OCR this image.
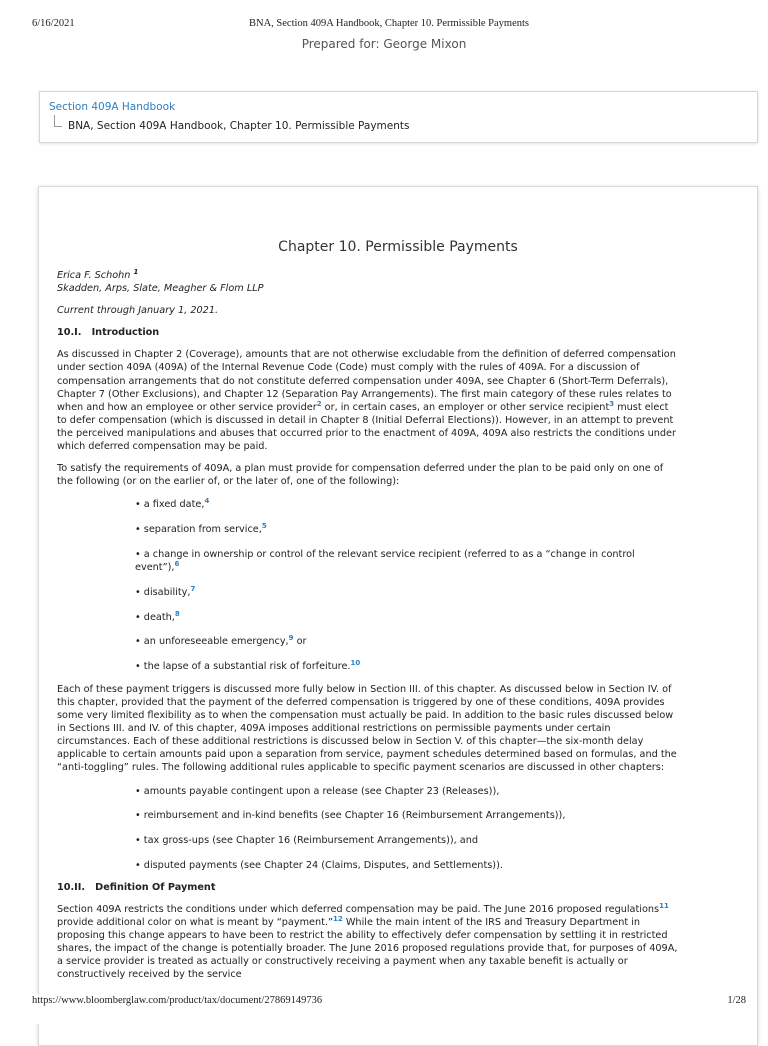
6/16/2021	BNA, Section 409A Handbook, Chapter 10. Permissible Payments
Prepared for: George Mixon
Section 409A Handbook
BNA, Section 409A Handbook, Chapter 10. Permissible Payments
Chapter 10. Permissible Payments

Erica F. Schohn $^1$

Skadden, Arps, Slate, Meagher & Flom LLP

Current through January 1, 2021.

10.I.   Introduction

As discussed in Chapter 2 (Coverage), amounts that are not otherwise excludable from the definition of deferred compensation under section 409A (409A) of the Internal Revenue Code (Code) must comply with the rules of 409A. For a discussion of compensation arrangements that do not constitute deferred compensation under 409A, see Chapter 6 (Short-Term Deferrals), Chapter 7 (Other Exclusions), and Chapter 12 (Separation Pay Arrangements). The first main category of these rules relates to when and how an employee or other service provider$^2$ or, in certain cases, an employer or other service recipient$^3$ must elect to defer compensation (which is discussed in detail in Chapter 8 (Initial Deferral Elections)). However, in an attempt to prevent the perceived manipulations and abuses that occurred prior to the enactment of 409A, 409A also restricts the conditions under which deferred compensation may be paid.

To satisfy the requirements of 409A, a plan must provide for compensation deferred under the plan to be paid only on one of the following (or on the earlier of, or the later of, one of the following):

• a fixed date,$^4$
• separation from service,$^5$
• a change in ownership or control of the relevant service recipient (referred to as a “change in control event”),$^6$
• disability,$^7$
• death,$^8$
• an unforeseeable emergency,$^9$ or
• the lapse of a substantial risk of forfeiture.$^{10}$

Each of these payment triggers is discussed more fully below in Section III. of this chapter. As discussed below in Section IV. of this chapter, provided that the payment of the deferred compensation is triggered by one of these conditions, 409A provides some very limited flexibility as to when the compensation must actually be paid. In addition to the basic rules discussed below in Sections III. and IV. of this chapter, 409A imposes additional restrictions on permissible payments under certain circumstances. Each of these additional restrictions is discussed below in Section V. of this chapter—the six-month delay applicable to certain amounts paid upon a separation from service, payment schedules determined based on formulas, and the “anti-toggling” rules. The following additional rules applicable to specific payment scenarios are discussed in other chapters:

• amounts payable contingent upon a release (see Chapter 23 (Releases)),
• reimbursement and in-kind benefits (see Chapter 16 (Reimbursement Arrangements)),
• tax gross-ups (see Chapter 16 (Reimbursement Arrangements)), and
• disputed payments (see Chapter 24 (Claims, Disputes, and Settlements)).

10.II.   Definition Of Payment

Section 409A restricts the conditions under which deferred compensation may be paid. The June 2016 proposed regulations$^{11}$ provide additional color on what is meant by “payment.”$^{12}$ While the main intent of the IRS and Treasury Department in proposing this change appears to have been to restrict the ability to effectively defer compensation by settling it in restricted shares, the impact of the change is potentially broader. The June 2016 proposed regulations provide that, for purposes of 409A, a service provider is treated as actually or constructively receiving a payment when any taxable benefit is actually or constructively received by the service

https://www.bloomberglaw.com/product/tax/document/27869149736	1/28
